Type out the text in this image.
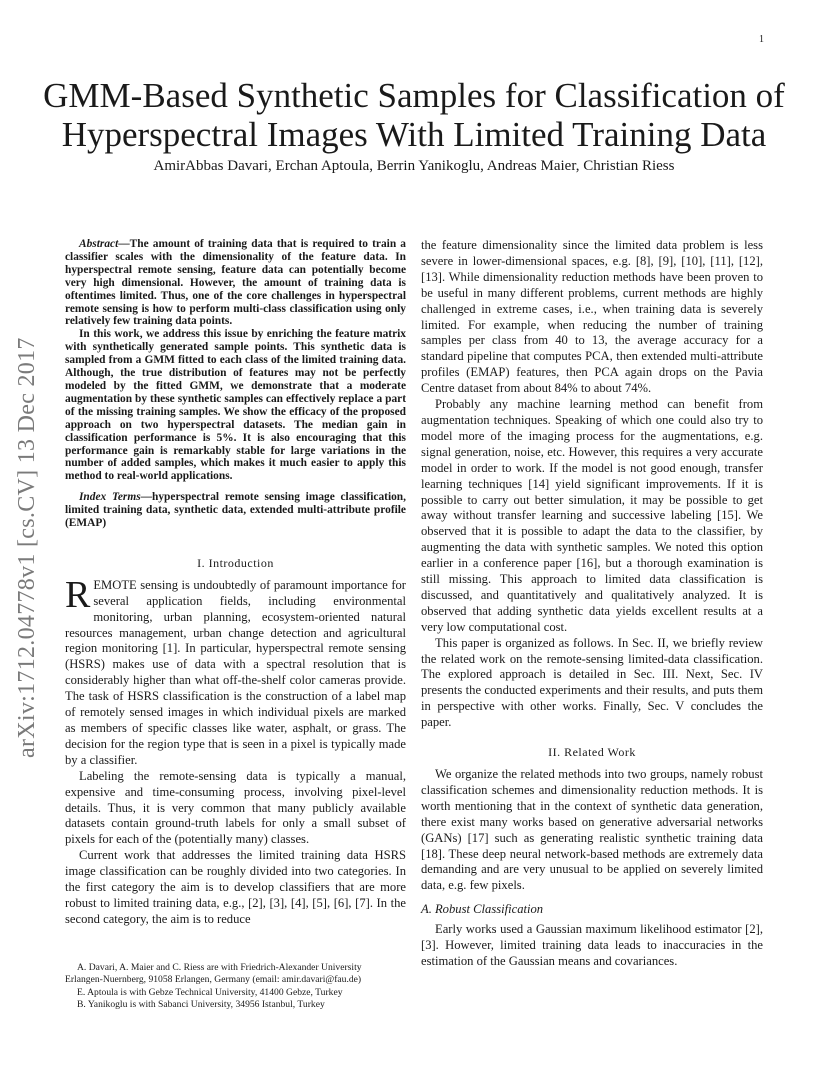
1
GMM-Based Synthetic Samples for Classification of
Hyperspectral Images With Limited Training Data
AmirAbbas Davari, Erchan Aptoula, Berrin Yanikoglu, Andreas Maier, Christian Riess
arXiv:1712.04778v1 [cs.CV] 13 Dec 2017

Abstract—The amount of training data that is required to train a classifier scales with the dimensionality of the feature data. In hyperspectral remote sensing, feature data can potentially become very high dimensional. However, the amount of training data is oftentimes limited. Thus, one of the core challenges in hyperspectral remote sensing is how to perform multi-class classification using only relatively few training data points.

In this work, we address this issue by enriching the feature matrix with synthetically generated sample points. This synthetic data is sampled from a GMM fitted to each class of the limited training data. Although, the true distribution of features may not be perfectly modeled by the fitted GMM, we demonstrate that a moderate augmentation by these synthetic samples can effectively replace a part of the missing training samples. We show the efficacy of the proposed approach on two hyperspectral datasets. The median gain in classification performance is 5%. It is also encouraging that this performance gain is remarkably stable for large variations in the number of added samples, which makes it much easier to apply this method to real-world applications.

Index Terms—hyperspectral remote sensing image classification, limited training data, synthetic data, extended multi-attribute profile (EMAP)

I. Introduction

REMOTE sensing is undoubtedly of paramount importance for several application fields, including environmental monitoring, urban planning, ecosystem-oriented natural resources management, urban change detection and agricultural region monitoring [1]. In particular, hyperspectral remote sensing (HSRS) makes use of data with a spectral resolution that is considerably higher than what off-the-shelf color cameras provide. The task of HSRS classification is the construction of a label map of remotely sensed images in which individual pixels are marked as members of specific classes like water, asphalt, or grass. The decision for the region type that is seen in a pixel is typically made by a classifier.

Labeling the remote-sensing data is typically a manual, expensive and time-consuming process, involving pixel-level details. Thus, it is very common that many publicly available datasets contain ground-truth labels for only a small subset of pixels for each of the (potentially many) classes.

Current work that addresses the limited training data HSRS image classification can be roughly divided into two categories. In the first category the aim is to develop classifiers that are more robust to limited training data, e.g., [2], [3], [4], [5], [6], [7]. In the second category, the aim is to reduce

A. Davari, A. Maier and C. Riess are with Friedrich-Alexander University
Erlangen-Nuernberg, 91058 Erlangen, Germany (email: amir.davari@fau.de)
E. Aptoula is with Gebze Technical University, 41400 Gebze, Turkey
B. Yanikoglu is with Sabanci University, 34956 Istanbul, Turkey

the feature dimensionality since the limited data problem is less severe in lower-dimensional spaces, e.g. [8], [9], [10], [11], [12], [13]. While dimensionality reduction methods have been proven to be useful in many different problems, current methods are highly challenged in extreme cases, i.e., when training data is severely limited. For example, when reducing the number of training samples per class from 40 to 13, the average accuracy for a standard pipeline that computes PCA, then extended multi-attribute profiles (EMAP) features, then PCA again drops on the Pavia Centre dataset from about 84% to about 74%.

Probably any machine learning method can benefit from augmentation techniques. Speaking of which one could also try to model more of the imaging process for the augmentations, e.g. signal generation, noise, etc. However, this requires a very accurate model in order to work. If the model is not good enough, transfer learning techniques [14] yield significant improvements. If it is possible to carry out better simulation, it may be possible to get away without transfer learning and successive labeling [15]. We observed that it is possible to adapt the data to the classifier, by augmenting the data with synthetic samples. We noted this option earlier in a conference paper [16], but a thorough examination is still missing. This approach to limited data classification is discussed, and quantitatively and qualitatively analyzed. It is observed that adding synthetic data yields excellent results at a very low computational cost.

This paper is organized as follows. In Sec. II, we briefly review the related work on the remote-sensing limited-data classification. The explored approach is detailed in Sec. III. Next, Sec. IV presents the conducted experiments and their results, and puts them in perspective with other works. Finally, Sec. V concludes the paper.

II. Related Work

We organize the related methods into two groups, namely robust classification schemes and dimensionality reduction methods. It is worth mentioning that in the context of synthetic data generation, there exist many works based on generative adversarial networks (GANs) [17] such as generating realistic synthetic training data [18]. These deep neural network-based methods are extremely data demanding and are very unusual to be applied on severely limited data, e.g. few pixels.

A. Robust Classification

Early works used a Gaussian maximum likelihood estimator [2], [3]. However, limited training data leads to inaccuracies in the estimation of the Gaussian means and covariances.
